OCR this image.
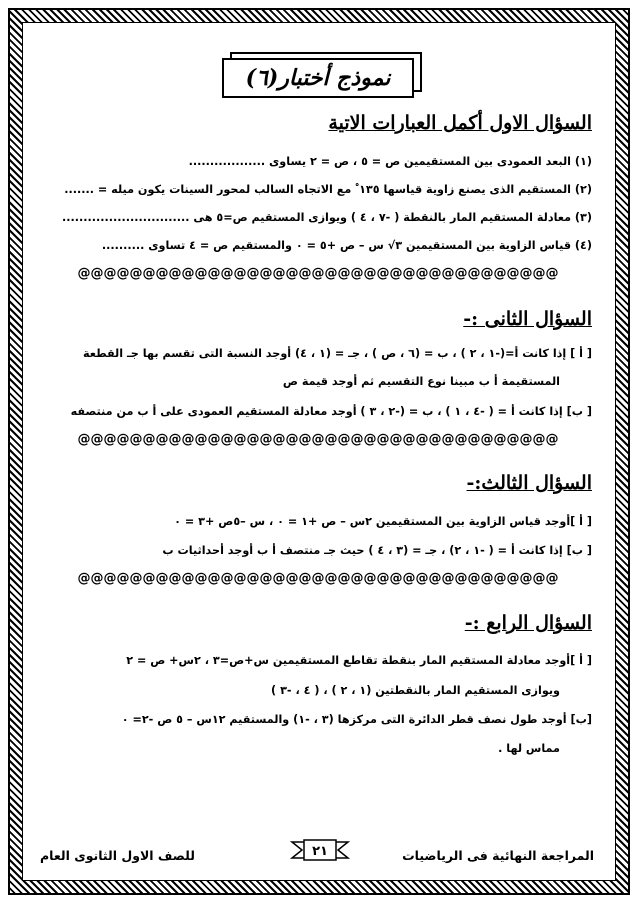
نموذج أختبار(٦)
السؤال الاول أكمل العبارات الاتية
(١) البعد العمودى بين المستقيمين ص = ٥ ، ص = ٢ يساوى ..................
(٢) المستقيم الذى يصنع زاوية قياسها ١٣٥ ْ مع الاتجاه السالب لمحور السينات يكون ميله = .......
(٣) معادلة المستقيم المار بالنقطة ( -٧ ، ٤ ) ويوازى المستقيم ص=٥ هى ..............................
(٤) قياس الزاوية بين المستقيمين ٣√ س – ص +٥ = ٠ والمستقيم ص = ٤ تساوى ..........
@@@@@@@@@@@@@@@@@@@@@@@@@@@@@@@@@@@@@
السؤال الثانى :-
[ أ ] إذا كانت أ=(-١ ، ٢ ) ، ب = (٦ ، ص ) ، جـ = (١ ، ٤) أوجد النسبة التى تقسم بها جـ القطعة
المستقيمة أ ب مبينا نوع التقسيم ثم أوجد قيمة ص
[ ب] إذا كانت أ = ( -٤ ، ١ ) ، ب = (-٢ ، ٣ ) أوجد معادلة المستقيم العمودى على أ ب من منتصفه
@@@@@@@@@@@@@@@@@@@@@@@@@@@@@@@@@@@@@
السؤال الثالث:-
[ أ ]أوجد قياس الزاوية بين المستقيمين ٢س – ص +١ = ٠ ، س –٥ص +٣ = ٠
[ ب] إذا كانت أ = ( -١ ، ٢) ، جـ = (٣ ، ٤ ) حيث جـ منتصف أ ب أوجد أحداثيات ب
@@@@@@@@@@@@@@@@@@@@@@@@@@@@@@@@@@@@@
السؤال الرابع :-
[ أ ]أوجد معادلة المستقيم المار بنقطة تقاطع المستقيمين س+ص=٣ ، ٢س+ ص = ٢
ويوازى المستقيم المار بالنقطتين (١ ، ٢ ) ، ( ٤ ، -٣ )
[ب] أوجد طول نصف قطر الدائرة التى مركزها (٣ ، -١) والمستقيم ١٢س – ٥ ص -٢= ٠
مماس لها .
المراجعة النهائية فى الرياضيات
للصف الاول الثانوى العام	٢١
